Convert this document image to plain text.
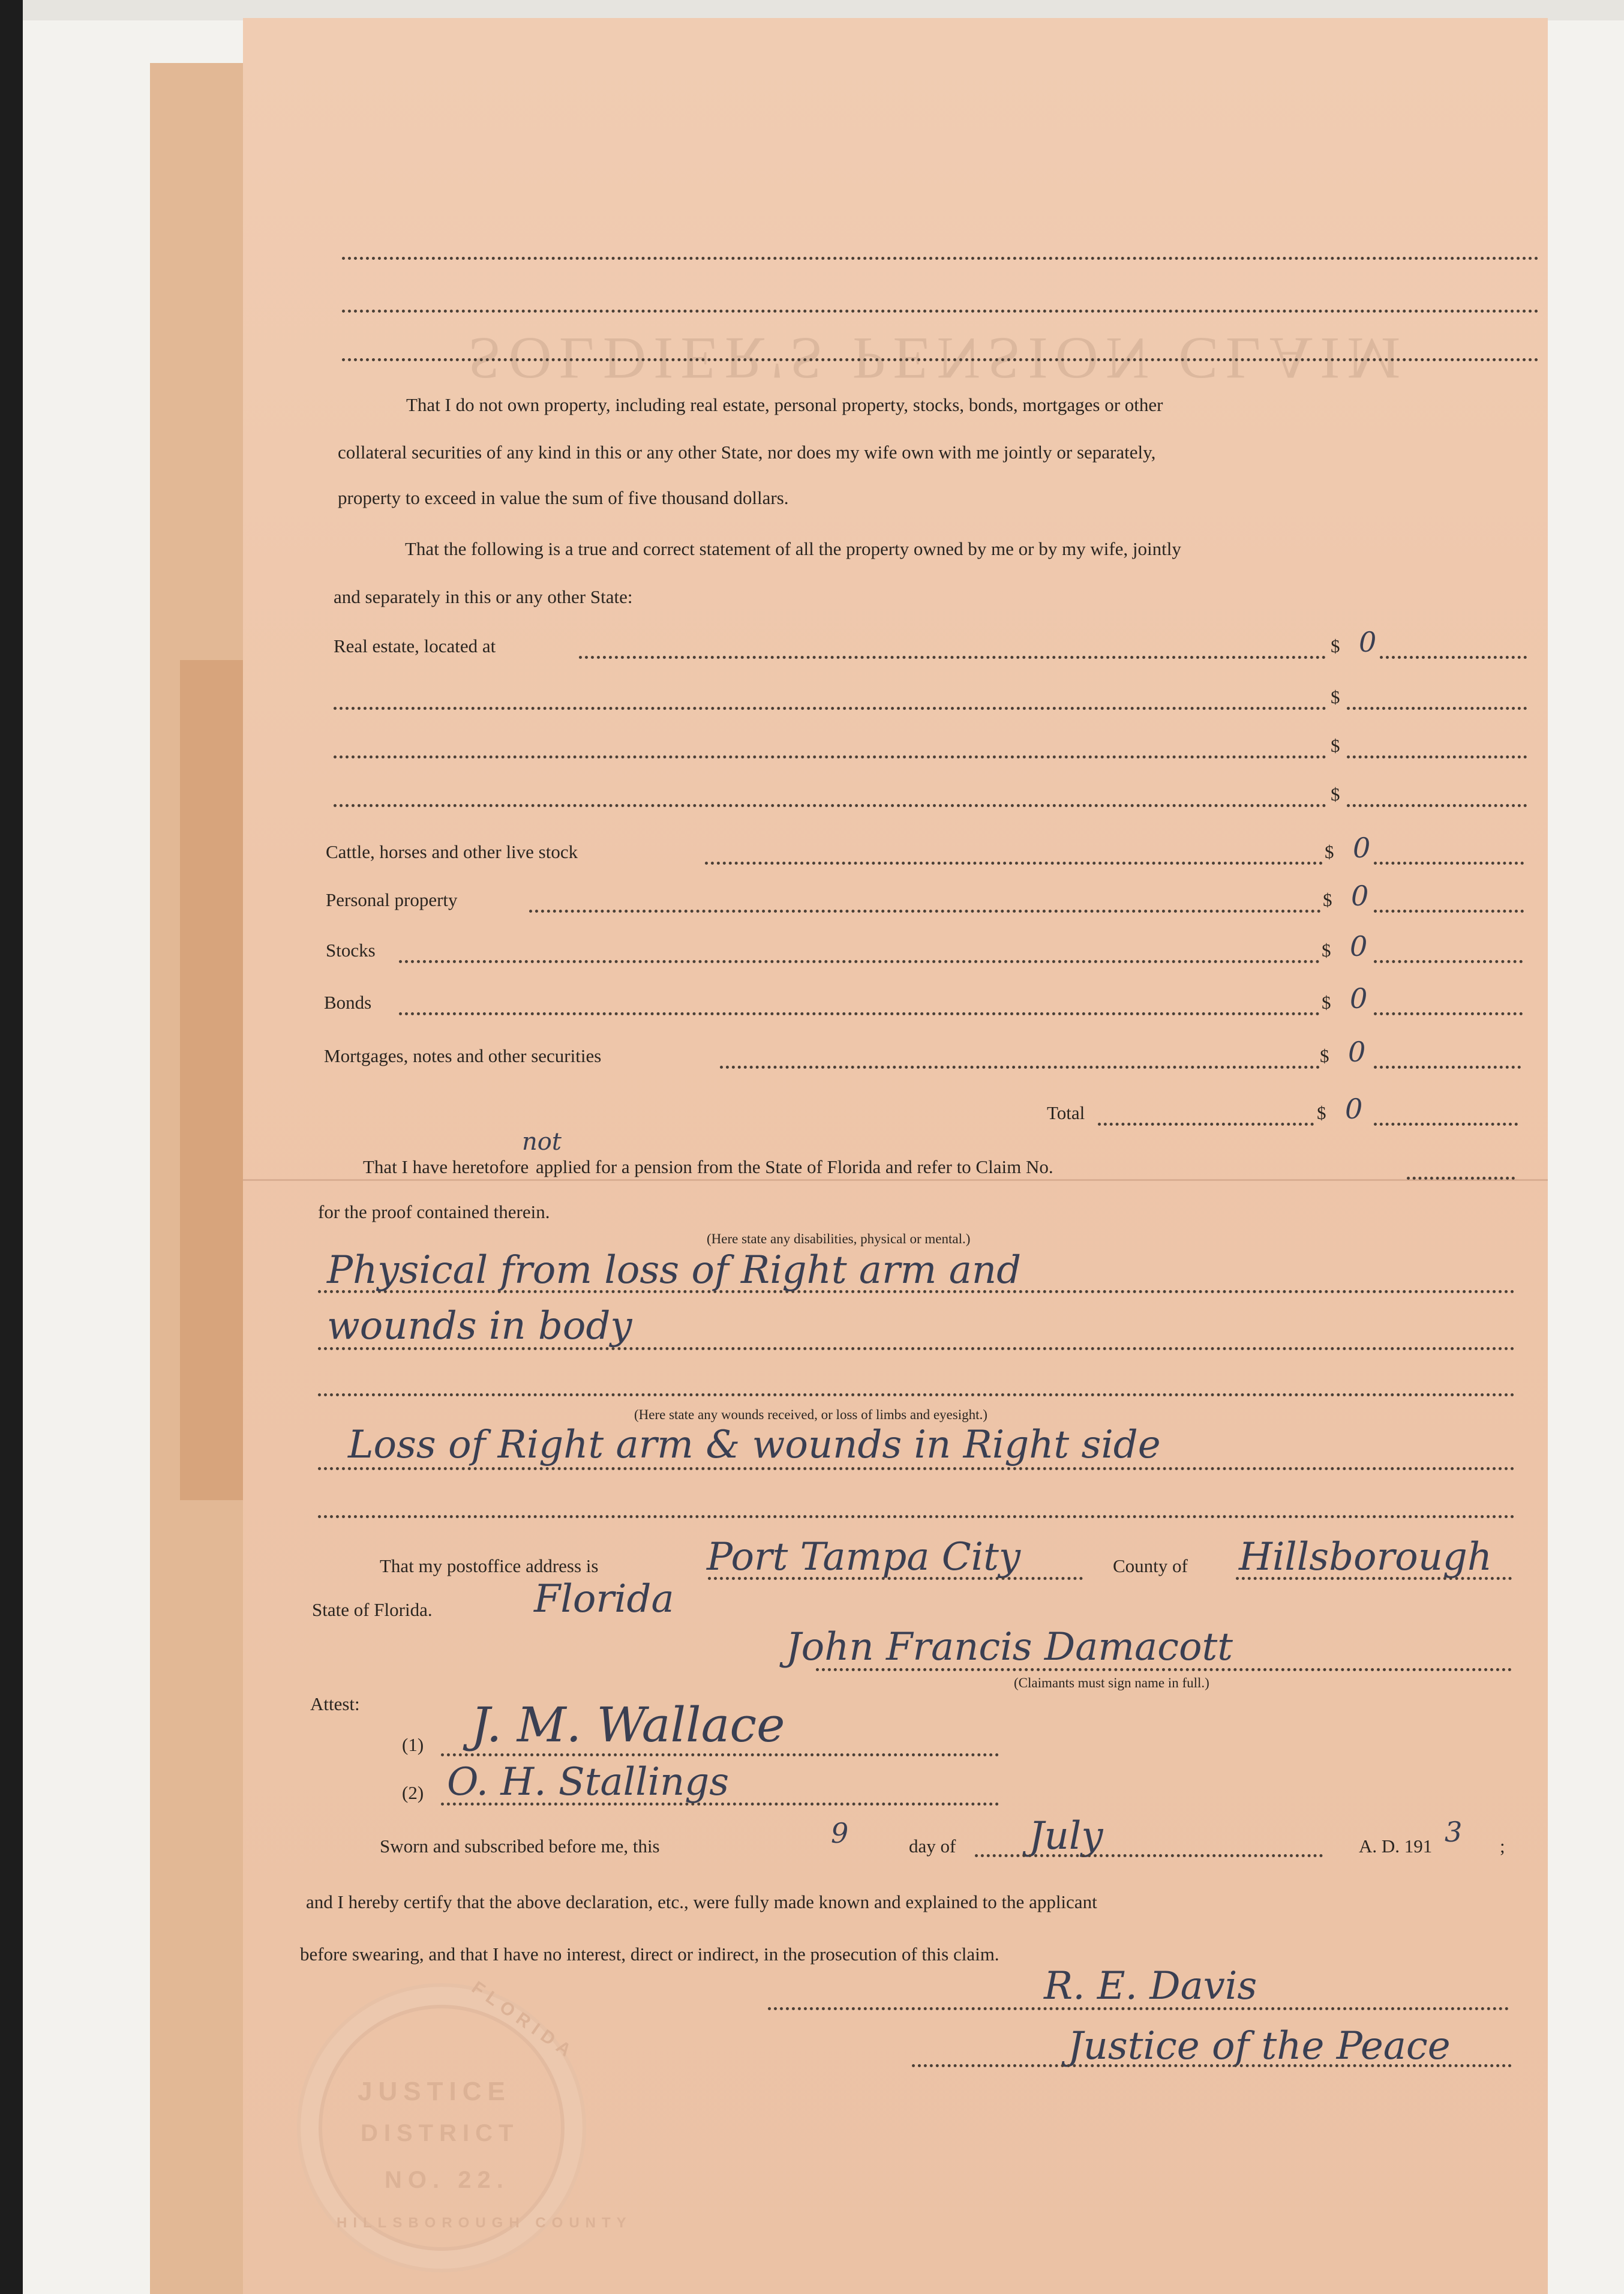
SOLDIER'S PENSION CLAIM
That I do not own property, including real estate, personal property, stocks, bonds, mortgages or other
collateral securities of any kind in this or any other State, nor does my wife own with me jointly or separately,
property to exceed in value the sum of five thousand dollars.
That the following is a true and correct statement of all the property owned by me or by my wife, jointly
and separately in this or any other State:
Real estate, located at	$ 0
$
$
$
Cattle, horses and other live stock	$ 0
Personal property	$ 0
Stocks	$ 0
Bonds	$ 0
Mortgages, notes and other securities	$ 0
Total	$ 0
not
That I have heretofore applied for a pension from the State of Florida and refer to Claim No.
for the proof contained therein.
(Here state any disabilities, physical or mental.)
Physical from loss of Right arm and
wounds in body
(Here state any wounds received, or loss of limbs and eyesight.)
Loss of Right arm & wounds in Right side
That my postoffice address is	Port Tampa City	County of Hillsborough
State of Florida.	Florida
John Francis Damacott
(Claimants must sign name in full.)
Attest:
(1) J. M. Wallace
(2) O. H. Stallings
Sworn and subscribed before me, this	9	day of July	A. D. 191 3 ;
and I hereby certify that the above declaration, etc., were fully made known and explained to the applicant
before swearing, and that I have no interest, direct or indirect, in the prosecution of this claim.
R. E. Davis
Justice of the Peace
FLORIDA
JUSTICE
DISTRICT
NO. 22.
HILLSBOROUGH COUNTY
